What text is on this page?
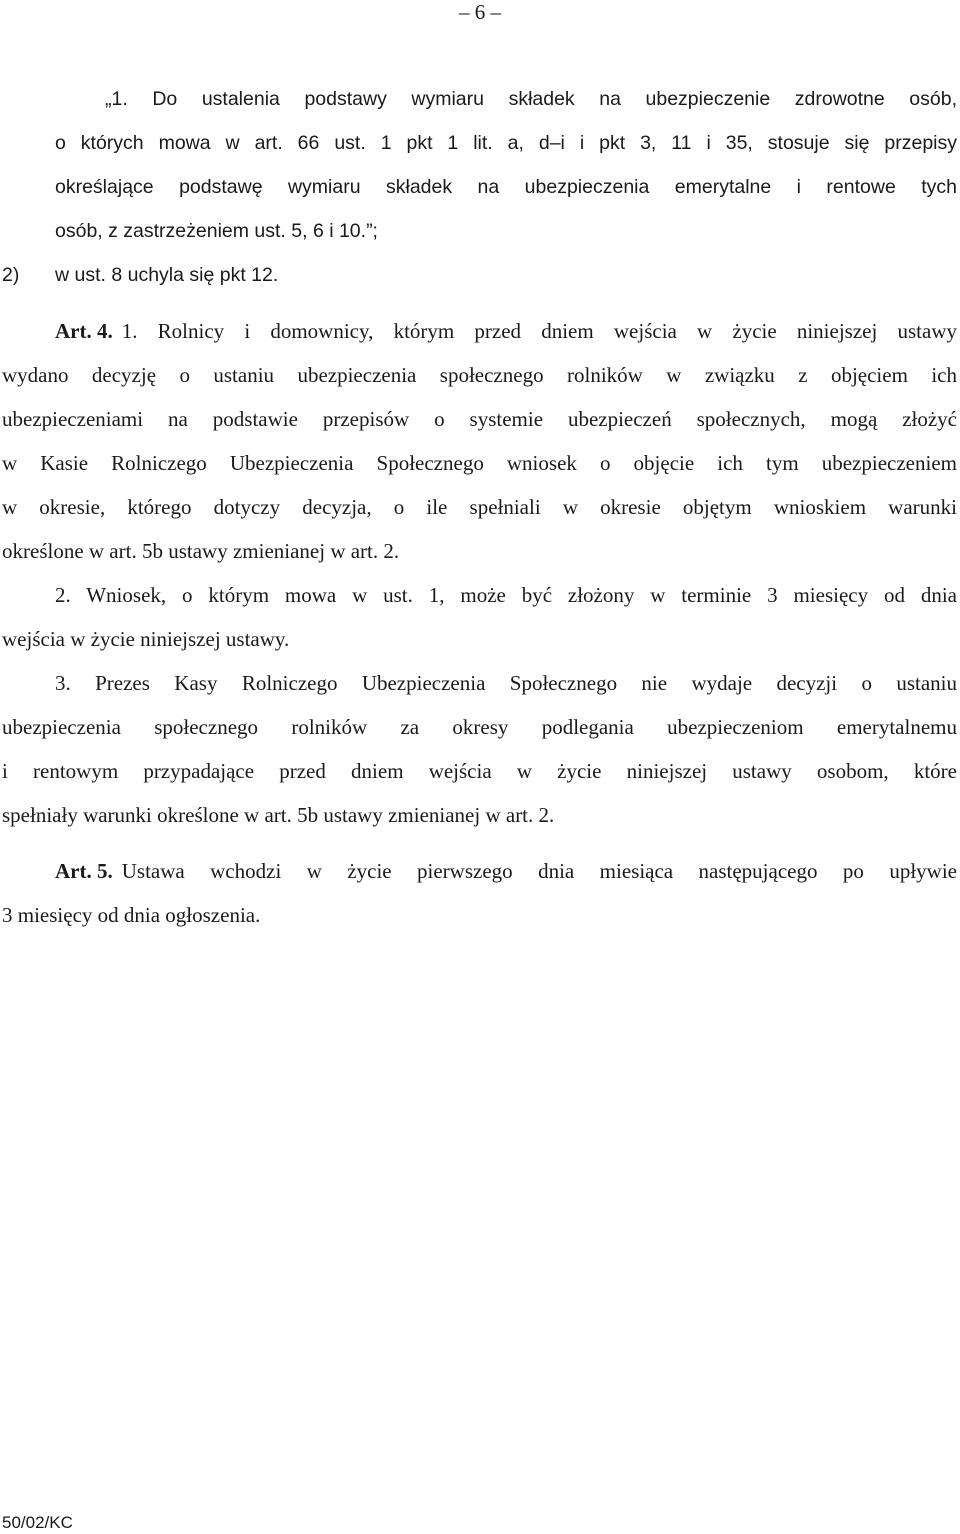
– 6 –
„1. Do ustalenia podstawy wymiaru składek na ubezpieczenie zdrowotne osób,
o których mowa w art. 66 ust. 1 pkt 1 lit. a, d–i i pkt 3, 11 i 35, stosuje się przepisy
określające podstawę wymiaru składek na ubezpieczenia emerytalne i rentowe tych
osób, z zastrzeżeniem ust. 5, 6 i 10.”;
2) w ust. 8 uchyla się pkt 12.
Art. 4. 1. Rolnicy i domownicy, którym przed dniem wejścia w życie niniejszej ustawy
wydano decyzję o ustaniu ubezpieczenia społecznego rolników w związku z objęciem ich
ubezpieczeniami na podstawie przepisów o systemie ubezpieczeń społecznych, mogą złożyć
w Kasie Rolniczego Ubezpieczenia Społecznego wniosek o objęcie ich tym ubezpieczeniem
w okresie, którego dotyczy decyzja, o ile spełniali w okresie objętym wnioskiem warunki
określone w art. 5b ustawy zmienianej w art. 2.
2. Wniosek, o którym mowa w ust. 1, może być złożony w terminie 3 miesięcy od dnia
wejścia w życie niniejszej ustawy.
3. Prezes Kasy Rolniczego Ubezpieczenia Społecznego nie wydaje decyzji o ustaniu
ubezpieczenia społecznego rolników za okresy podlegania ubezpieczeniom emerytalnemu
i rentowym przypadające przed dniem wejścia w życie niniejszej ustawy osobom, które
spełniały warunki określone w art. 5b ustawy zmienianej w art. 2.
Art. 5. Ustawa wchodzi w życie pierwszego dnia miesiąca następującego po upływie
3 miesięcy od dnia ogłoszenia.
50/02/KC
